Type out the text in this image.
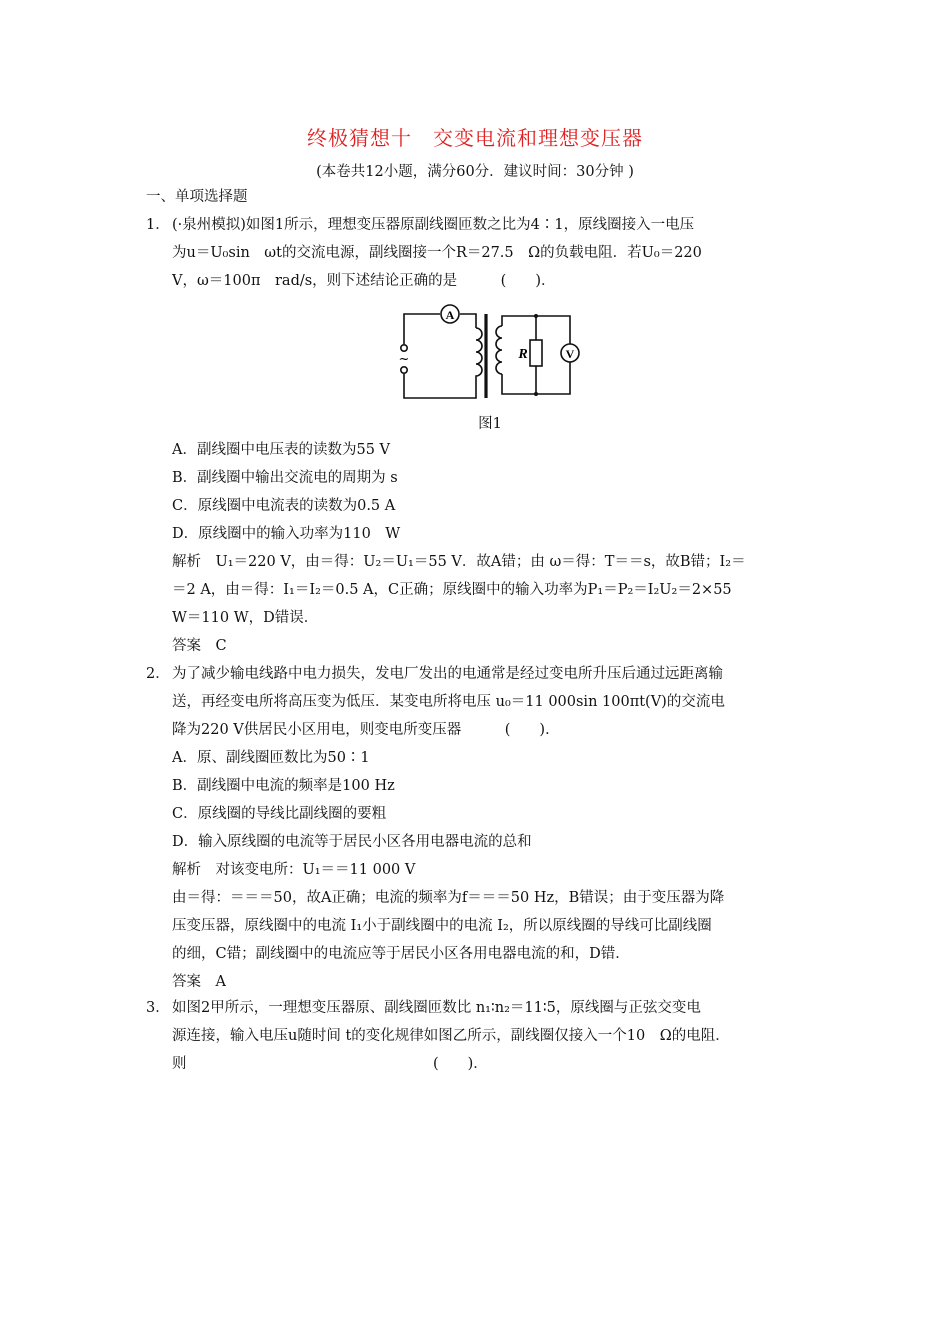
终极猜想十　交变电流和理想变压器
(本卷共12小题，满分60分．建议时间：30分钟 )
一、单项选择题
1． (·泉州模拟)如图1所示，理想变压器原副线圈匝数之比为4∶1，原线圈接入一电压
为u＝U₀sin　ωt的交流电源，副线圈接一个R＝27.5　Ω的负载电阻．若U₀＝220
V，ω＝100π　rad/s，则下述结论正确的是　　　(　　)．
A
V
R
~
图1
A．副线圈中电压表的读数为55 V
B．副线圈中输出交流电的周期为 s
C．原线圈中电流表的读数为0.5 A
D．原线圈中的输入功率为110　W
解析　U₁＝220 V，由＝得：U₂＝U₁＝55 V．故A错；由 ω＝得：T＝＝s，故B错；I₂＝
＝2 A，由＝得：I₁＝I₂＝0.5 A，C正确；原线圈中的输入功率为P₁＝P₂＝I₂U₂＝2×55
W＝110 W，D错误．
答案　C
2． 为了减少输电线路中电力损失，发电厂发出的电通常是经过变电所升压后通过远距离输
送，再经变电所将高压变为低压．某变电所将电压 u₀＝11 000sin 100πt(V)的交流电
降为220 V供居民小区用电，则变电所变压器　　　(　　)．
A．原、副线圈匝数比为50∶1
B．副线圈中电流的频率是100 Hz
C．原线圈的导线比副线圈的要粗
D．输入原线圈的电流等于居民小区各用电器电流的总和
解析　对该变电所：U₁＝＝11 000 V
由＝得：＝＝＝50，故A正确；电流的频率为f＝＝＝50 Hz，B错误；由于变压器为降
压变压器，原线圈中的电流 I₁小于副线圈中的电流 I₂，所以原线圈的导线可比副线圈
的细，C错；副线圈中的电流应等于居民小区各用电器电流的和，D错．
答案　A
3． 如图2甲所示，一理想变压器原、副线圈匝数比 n₁∶n₂＝11∶5，原线圈与正弦交变电
源连接，输入电压u随时间 t的变化规律如图乙所示，副线圈仅接入一个10　Ω的电阻．
则　　　　　　　　　　　　　　　　　(　　)．
